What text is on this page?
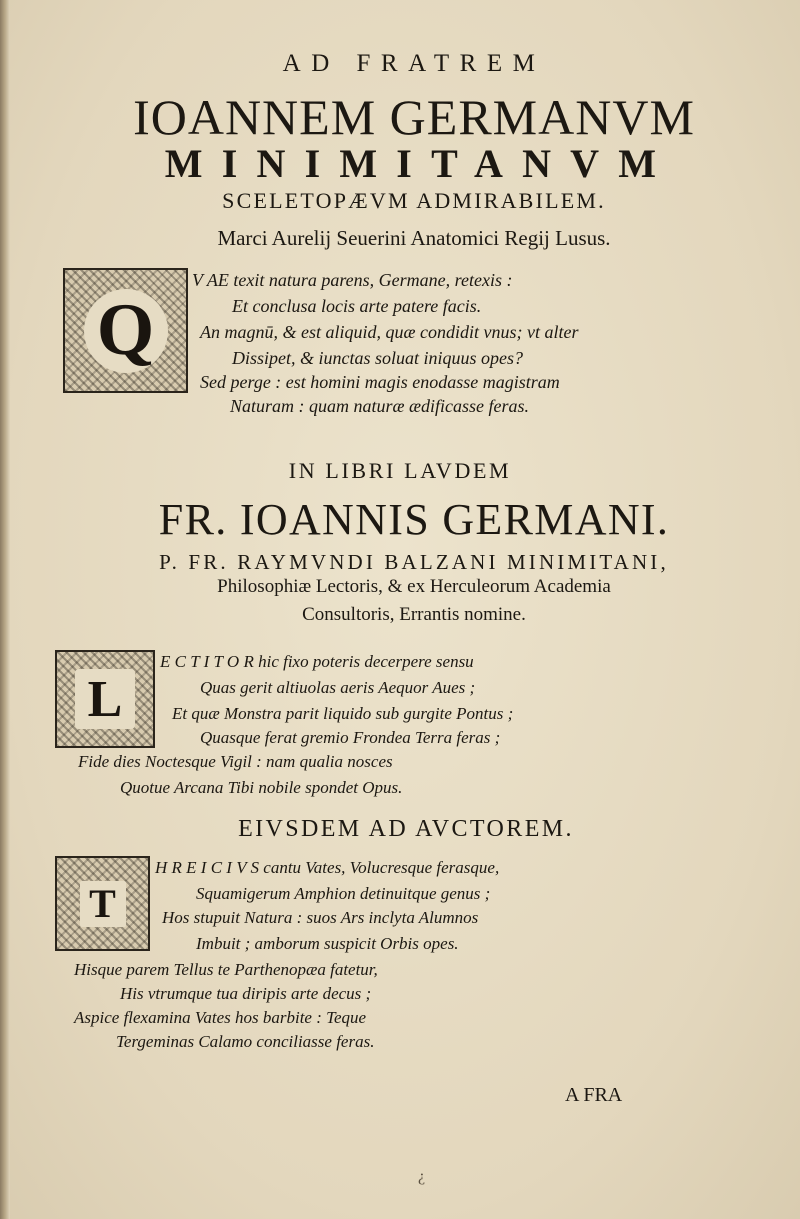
AD FRATREM
IOANNEM GERMANVM
MINIMITANVM
SCELETOPÆVM ADMIRABILEM.
Marci Aurelij Seuerini Anatomici Regij Lusus.
Q
V AE texit natura parens, Germane, retexis :
Et conclusa locis arte patere facis.
An magnū, & est aliquid, quæ condidit vnus; vt alter
Dissipet, & iunctas soluat iniquus opes?
Sed perge : est homini magis enodasse magistram
Naturam : quam naturæ ædificasse feras.
IN LIBRI LAVDEM
FR. IOANNIS GERMANI.
P. FR. RAYMVNDI BALZANI MINIMITANI,
Philosophiæ Lectoris, & ex Herculeorum Academia
Consultoris, Errantis nomine.
L
E C T I T O R hic fixo poteris decerpere sensu
Quas gerit altiuolas aeris Aequor Aues ;
Et quæ Monstra parit liquido sub gurgite Pontus ;
Quasque ferat gremio Frondea Terra feras ;
Fide dies Noctesque Vigil : nam qualia nosces
Quotue Arcana Tibi nobile spondet Opus.
EIVSDEM AD AVCTOREM.
T
H R E I C I V S cantu Vates, Volucresque ferasque,
Squamigerum Amphion detinuitque genus ;
Hos stupuit Natura : suos Ars inclyta Alumnos
Imbuit ; amborum suspicit Orbis opes.
Hisque parem Tellus te Parthenopæa fatetur,
His vtrumque tua diripis arte decus ;
Aspice flexamina Vates hos barbite : Teque
Tergeminas Calamo conciliasse feras.
A FRA
¿
